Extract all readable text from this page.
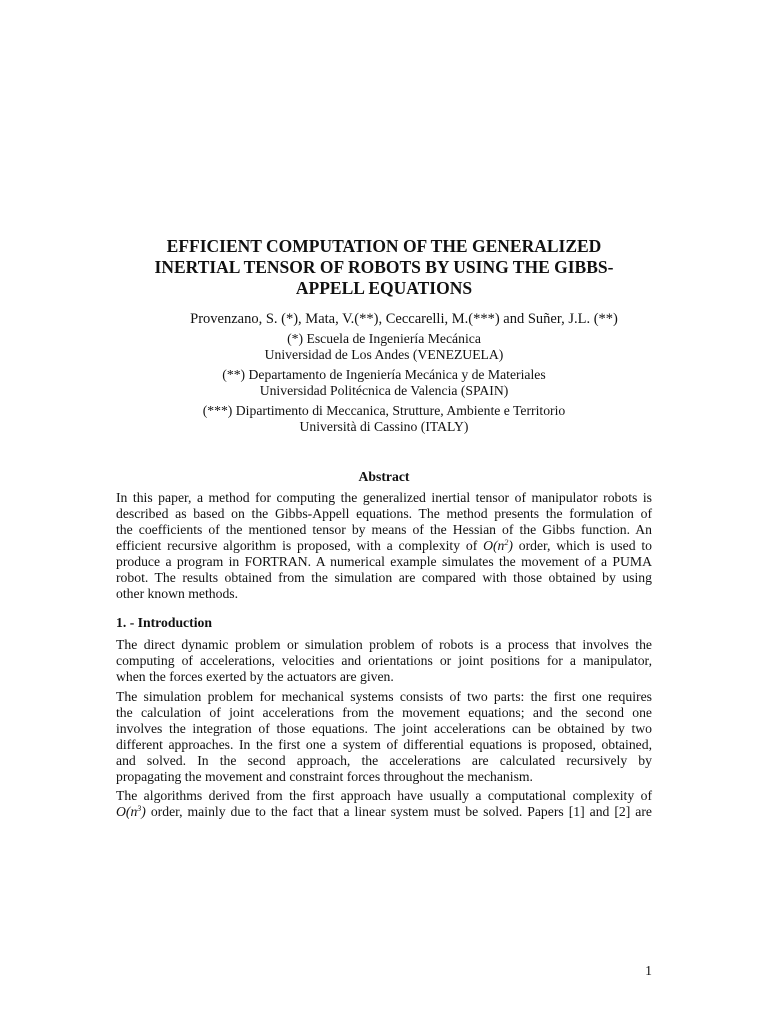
EFFICIENT COMPUTATION OF THE GENERALIZED
INERTIAL TENSOR OF ROBOTS BY USING THE GIBBS-
APPELL EQUATIONS

Provenzano, S. (*), Mata, V.(**), Ceccarelli, M.(***) and Suñer, J.L. (**)

(*) Escuela de Ingeniería Mecánica
Universidad de Los Andes (VENEZUELA)

(**) Departamento de Ingeniería Mecánica y de Materiales
Universidad Politécnica de Valencia (SPAIN)

(***) Dipartimento di Meccanica, Strutture, Ambiente e Territorio
Università di Cassino (ITALY)

Abstract

In this paper, a method for computing the generalized inertial tensor of manipulator robots is
described as based on the Gibbs-Appell equations. The method presents the formulation of
the coefficients of the mentioned tensor by means of the Hessian of the Gibbs function. An
efficient recursive algorithm is proposed, with a complexity of $O(n^2)$ order, which is used to
produce a program in FORTRAN. A numerical example simulates the movement of a PUMA
robot. The results obtained from the simulation are compared with those obtained by using
other known methods.

1. - Introduction

The direct dynamic problem or simulation problem of robots is a process that involves the
computing of accelerations, velocities and orientations or joint positions for a manipulator,
when the forces exerted by the actuators are given.

The simulation problem for mechanical systems consists of two parts: the first one requires
the calculation of joint accelerations from the movement equations; and the second one
involves the integration of those equations. The joint accelerations can be obtained by two
different approaches. In the first one a system of differential equations is proposed, obtained,
and solved. In the second approach, the accelerations are calculated recursively by
propagating the movement and constraint forces throughout the mechanism.

The algorithms derived from the first approach have usually a computational complexity of
$O(n^3)$ order, mainly due to the fact that a linear system must be solved. Papers [1] and [2] are

1
